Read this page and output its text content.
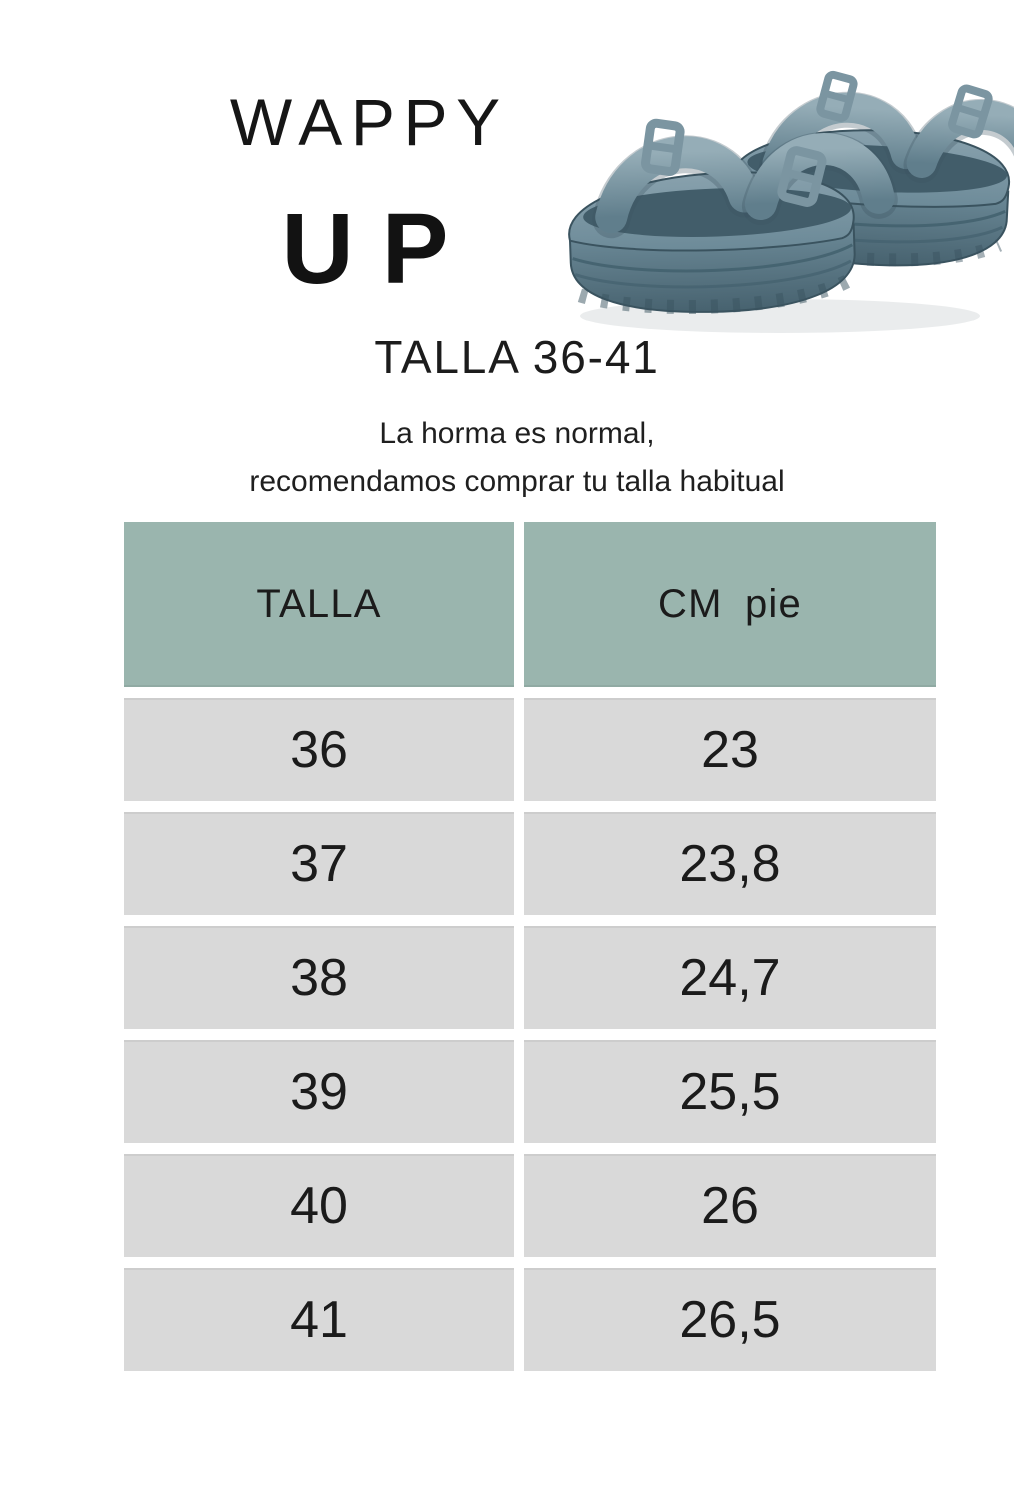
WAPPY
UP
TALLA 36-41
La horma es normal,
recomendamos comprar tu talla habitual
TALLA	CM pie
36	23
37	23,8
38	24,7
39	25,5
40	26
41	26,5
